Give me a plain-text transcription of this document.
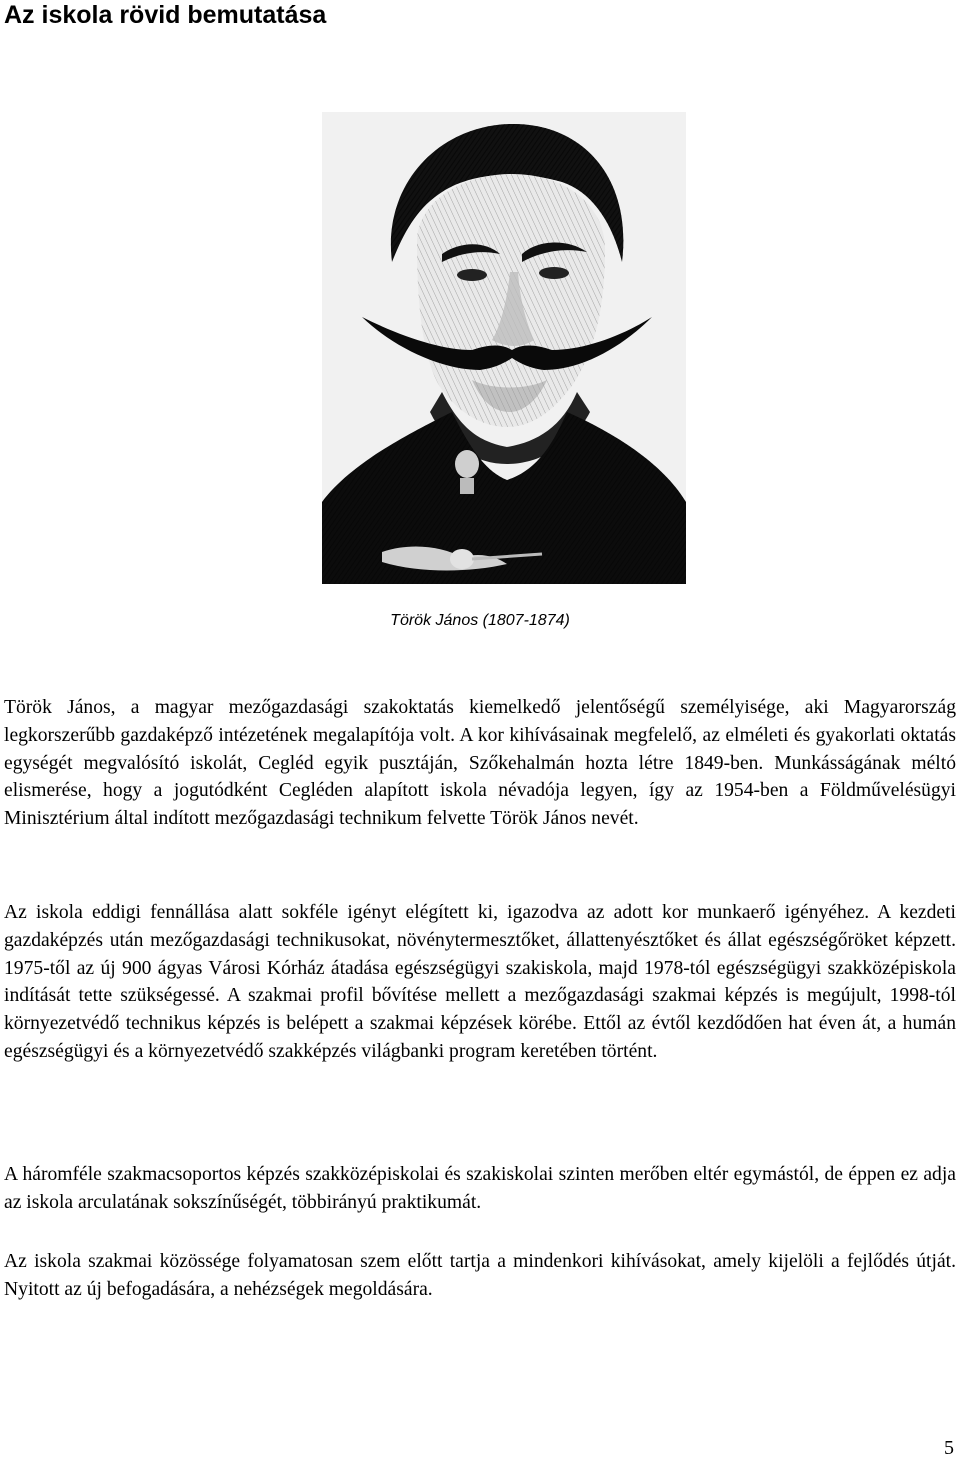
Az iskola rövid bemutatása
Török János (1807-1874)

Török János, a magyar mezőgazdasági szakoktatás kiemelkedő jelentőségű személyisége, aki Magyarország legkorszerűbb gazdaképző intézetének megalapítója volt. A kor kihívásainak megfelelő, az elméleti és gyakorlati oktatás egységét megvalósító iskolát, Cegléd egyik pusztáján, Szőkehalmán hozta létre 1849-ben. Munkásságának méltó elismerése, hogy a jogutódként Cegléden alapított iskola névadója legyen, így az 1954-ben a Földművelésügyi Minisztérium által indított mezőgazdasági technikum felvette Török János nevét.

Az iskola eddigi fennállása alatt sokféle igényt elégített ki, igazodva az adott kor munkaerő igényéhez. A kezdeti gazdaképzés után mezőgazdasági technikusokat, növénytermesztőket, állattenyésztőket és állat egészségőröket képzett. 1975-től az új 900 ágyas Városi Kórház átadása egészségügyi szakiskola, majd 1978-tól egészségügyi szakközépiskola indítását tette szükségessé. A szakmai profil bővítése mellett a mezőgazdasági szakmai képzés is megújult, 1998-tól környezetvédő technikus képzés is belépett a szakmai képzések körébe. Ettől az évtől kezdődően hat éven át, a humán egészségügyi és a környezetvédő szakképzés világbanki program keretében történt.

A háromféle szakmacsoportos képzés szakközépiskolai és szakiskolai szinten merőben eltér egymástól, de éppen ez adja az iskola arculatának sokszínűségét, többirányú praktikumát.

Az iskola szakmai közössége folyamatosan szem előtt tartja a mindenkori kihívásokat, amely kijelöli a fejlődés útját. Nyitott az új befogadására, a nehézségek megoldására.

5
